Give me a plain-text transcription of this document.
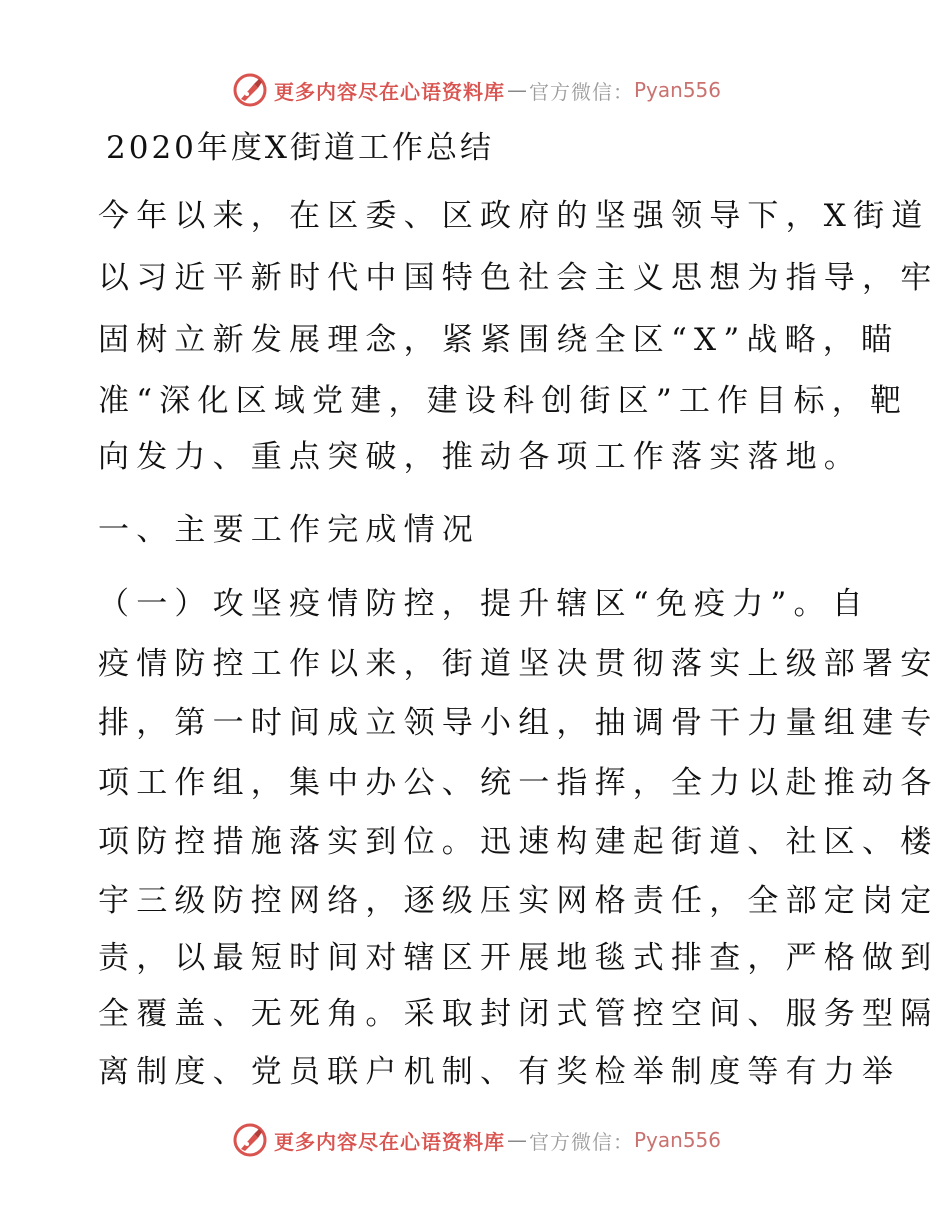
更多内容尽在心语资料库 — 官方微信： Pyan556
2020年度X街道工作总结
今年以来，在区委、区政府的坚强领导下，X街道
以习近平新时代中国特色社会主义思想为指导，牢
固树立新发展理念，紧紧围绕全区“X”战略，瞄
准“深化区域党建，建设科创街区”工作目标，靶
向发力、重点突破，推动各项工作落实落地。
一、主要工作完成情况
（一）攻坚疫情防控，提升辖区“免疫力”。自
疫情防控工作以来，街道坚决贯彻落实上级部署安
排，第一时间成立领导小组，抽调骨干力量组建专
项工作组，集中办公、统一指挥，全力以赴推动各
项防控措施落实到位。迅速构建起街道、社区、楼
宇三级防控网络，逐级压实网格责任，全部定岗定
责，以最短时间对辖区开展地毯式排查，严格做到
全覆盖、无死角。采取封闭式管控空间、服务型隔
离制度、党员联户机制、有奖检举制度等有力举
更多内容尽在心语资料库 — 官方微信： Pyan556
